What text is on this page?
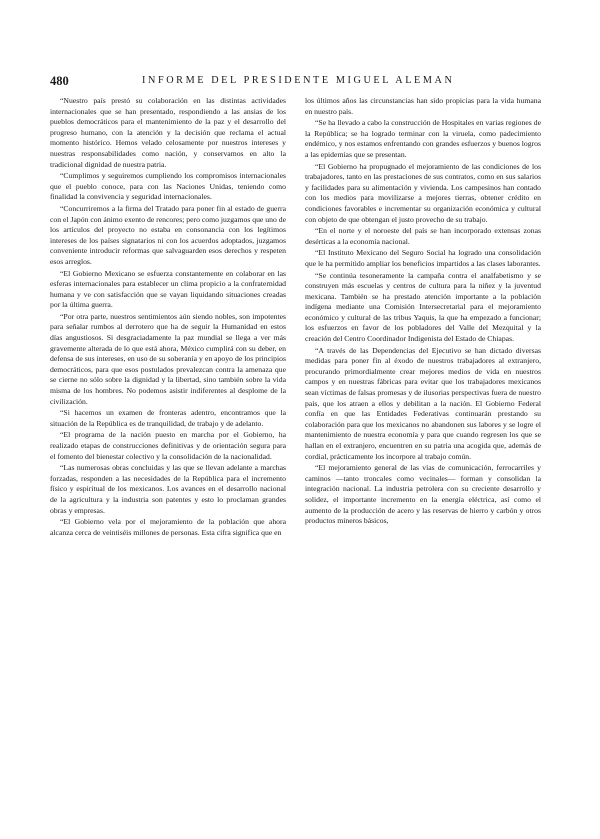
480	INFORME DEL PRESIDENTE MIGUEL ALEMAN

“Nuestro país prestó su colaboración en las distintas actividades internacionales que se han presentado, respondiendo a las ansias de los pueblos democráticos para el mantenimiento de la paz y el desarrollo del progreso humano, con la atención y la decisión que reclama el actual momento histórico. Hemos velado celosamente por nuestros intereses y nuestras responsabilidades como nación, y conservamos en alto la tradicional dignidad de nuestra patria.

“Cumplimos y seguiremos cumpliendo los compromisos internacionales que el pueblo conoce, para con las Naciones Unidas, teniendo como finalidad la convivencia y seguridad internacionales.

“Concurriremos a la firma del Tratado para poner fin al estado de guerra con el Japón con ánimo exento de rencores; pero como juzgamos que uno de los artículos del proyecto no estaba en consonancia con los legítimos intereses de los países signatarios ni con los acuerdos adoptados, juzgamos conveniente introducir reformas que salvaguarden esos derechos y respeten esos arreglos.

“El Gobierno Mexicano se esfuerza constantemente en colaborar en las esferas internacionales para establecer un clima propicio a la confraternidad humana y ve con satisfacción que se vayan liquidando situaciones creadas por la última guerra.

“Por otra parte, nuestros sentimientos aún siendo nobles, son impotentes para señalar rumbos al derrotero que ha de seguir la Humanidad en estos días angustiosos. Si desgraciadamente la paz mundial se llega a ver más gravemente alterada de lo que está ahora, México cumplirá con su deber, en defensa de sus intereses, en uso de su soberanía y en apoyo de los principios democráticos, para que esos postulados prevalezcan contra la amenaza que se cierne no sólo sobre la dignidad y la libertad, sino también sobre la vida misma de los hombres. No podemos asistir indiferentes al desplome de la civilización.

“Si hacemos un examen de fronteras adentro, encontramos que la situación de la República es de tranquilidad, de trabajo y de adelanto.

“El programa de la nación puesto en marcha por el Gobierno, ha realizado etapas de construcciones definitivas y de orientación segura para el fomento del bienestar colectivo y la consolidación de la nacionalidad.

“Las numerosas obras concluidas y las que se llevan adelante a marchas forzadas, responden a las necesidades de la República para el incremento físico y espiritual de los mexicanos. Los avances en el desarrollo nacional de la agricultura y la industria son patentes y esto lo proclaman grandes obras y empresas.

“El Gobierno vela por el mejoramiento de la población que ahora alcanza cerca de veintiséis millones de personas. Esta cifra significa que en

los últimos años las circunstancias han sido propicias para la vida humana en nuestro país.

“Se ha llevado a cabo la construcción de Hospitales en varias regiones de la República; se ha logrado terminar con la viruela, como padecimiento endémico, y nos estamos enfrentando con grandes esfuerzos y buenos logros a las epidemias que se presentan.

“El Gobierno ha propugnado el mejoramiento de las condiciones de los trabajadores, tanto en las prestaciones de sus contratos, como en sus salarios y facilidades para su alimentación y vivienda. Los campesinos han contado con los medios para movilizarse a mejores tierras, obtener crédito en condiciones favorables e incrementar su organización económica y cultural con objeto de que obtengan el justo provecho de su trabajo.

“En el norte y el noroeste del país se han incorporado extensas zonas desérticas a la economía nacional.

“El Instituto Mexicano del Seguro Social ha logrado una consolidación que le ha permitido ampliar los beneficios impartidos a las clases laborantes.

“Se continúa tesoneramente la campaña contra el analfabetismo y se construyen más escuelas y centros de cultura para la niñez y la juventud mexicana. También se ha prestado atención importante a la población indígena mediante una Comisión Intersecretarial para el mejoramiento económico y cultural de las tribus Yaquis, la que ha empezado a funcionar; los esfuerzos en favor de los pobladores del Valle del Mezquital y la creación del Centro Coordinador Indigenista del Estado de Chiapas.

“A través de las Dependencias del Ejecutivo se han dictado diversas medidas para poner fin al éxodo de nuestros trabajadores al extranjero, procurando primordialmente crear mejores medios de vida en nuestros campos y en nuestras fábricas para evitar que los trabajadores mexicanos sean víctimas de falsas promesas y de ilusorias perspectivas fuera de nuestro país, que los atraen a ellos y debilitan a la nación. El Gobierno Federal confía en que las Entidades Federativas continuarán prestando su colaboración para que los mexicanos no abandonen sus labores y se logre el mantenimiento de nuestra economía y para que cuando regresen los que se hallan en el extranjero, encuentren en su patria una acogida que, además de cordial, prácticamente los incorpore al trabajo común.

“El mejoramiento general de las vías de comunicación, ferrocarriles y caminos —tanto troncales como vecinales— forman y consolidan la integración nacional. La industria petrolera con su creciente desarrollo y solidez, el importante incremento en la energía eléctrica, así como el aumento de la producción de acero y las reservas de hierro y carbón y otros productos mineros básicos,
